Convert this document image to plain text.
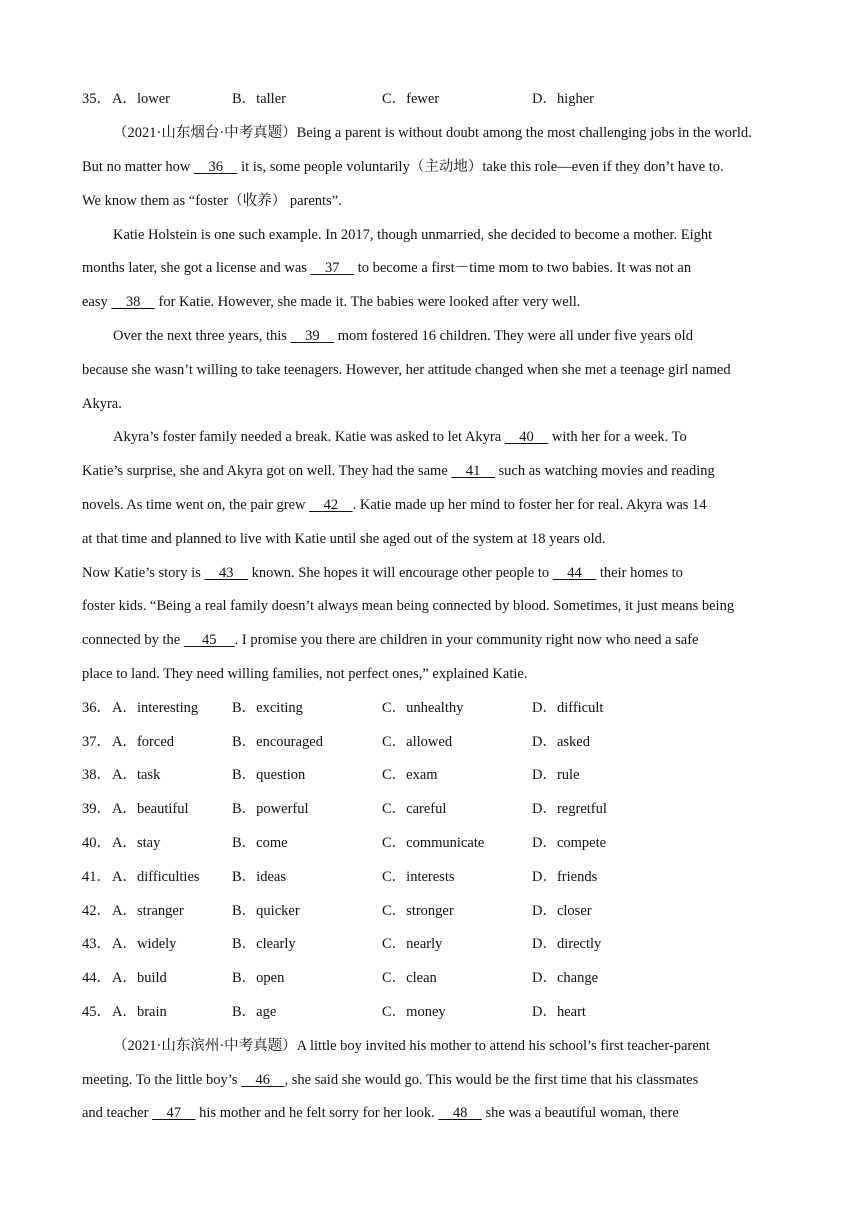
35． A．lower	B．taller	C．fewer	D．higher
（2021·山东烟台·中考真题）Being a parent is without doubt among the most challenging jobs in the world.
But no matter how     36     it is, some people voluntarily（主动地）take this role—even if they don’t have to.
We know them as “foster（收养） parents”.
Katie Holstein is one such example. In 2017, though unmarried, she decided to become a mother. Eight
months later, she got a license and was     37     to become a first－time mom to two babies. It was not an
easy     38     for Katie. However, she made it. The babies were looked after very well.
Over the next three years, this     39     mom fostered 16 children. They were all under five years old
because she wasn’t willing to take teenagers. However, her attitude changed when she met a teenage girl named
Akyra.
Akyra’s foster family needed a break. Katie was asked to let Akyra     40     with her for a week. To
Katie’s surprise, she and Akyra got on well. They had the same     41     such as watching movies and reading
novels. As time went on, the pair grew     42 . Katie made up her mind to foster her for real. Akyra was 14
at that time and planned to live with Katie until she aged out of the system at 18 years old.
Now Katie’s story is     43     known. She hopes it will encourage other people to     44     their homes to
foster kids. “Being a real family doesn’t always mean being connected by blood. Sometimes, it just means being
connected by the      45 . I promise you there are children in your community right now who need a safe
place to land. They need willing families, not perfect ones,” explained Katie.
36． A．interesting B．exciting	C．unhealthy	D．difficult
37． A．forced	B．encouraged	C．allowed	D．asked
38． A．task	B．question	C．exam	D．rule
39． A．beautiful	B．powerful	C．careful	D．regretful
40． A．stay	B．come	C．communicate	D．compete
41． A．difficulties B．ideas	C．interests	D．friends
42． A．stranger	B．quicker	C．stronger	D．closer
43． A．widely	B．clearly	C．nearly	D．directly
44． A．build	B．open	C．clean	D．change
45． A．brain	B．age	C．money	D．heart
（2021·山东滨州·中考真题）A little boy invited his mother to attend his school’s first teacher-parent
meeting. To the little boy’s     46 , she said she would go. This would be the first time that his classmates
and teacher     47     his mother and he felt sorry for her look.     48     she was a beautiful woman, there
